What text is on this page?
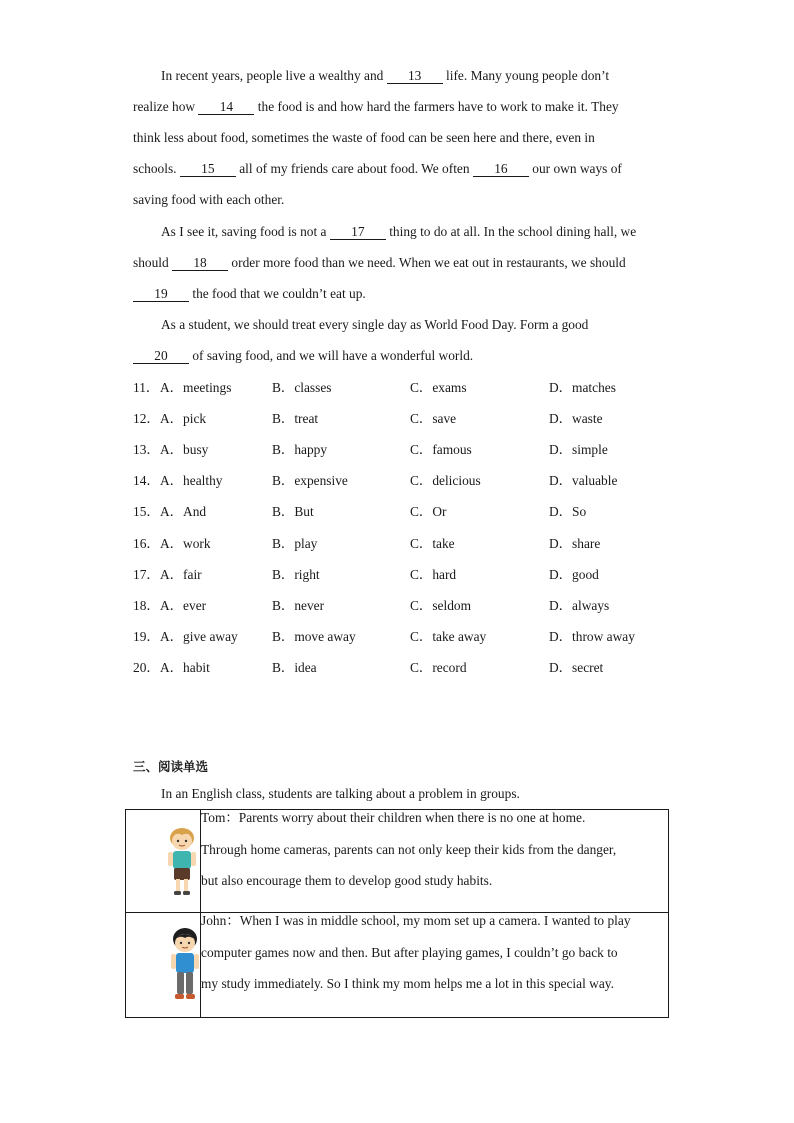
In recent years, people live a wealthy and 13 life. Many young people don’t
realize how 14 the food is and how hard the farmers have to work to make it. They
think less about food, sometimes the waste of food can be seen here and there, even in
schools. 15 all of my friends care about food. We often 16 our own ways of
saving food with each other.
As I see it, saving food is not a 17 thing to do at all. In the school dining hall, we
should 18 order more food than we need. When we eat out in restaurants, we should
19 the food that we couldn’t eat up.
As a student, we should treat every single day as World Food Day. Form a good
20 of saving food, and we will have a wonderful world.
11． A．meetings	B．classes	C．exams	D．matches
12． A．pick	B．treat	C．save	D．waste
13． A．busy	B．happy	C．famous	D．simple
14． A．healthy	B．expensive	C．delicious	D．valuable
15． A．And	B．But	C．Or	D．So
16． A．work	B．play	C．take	D．share
17． A．fair	B．right	C．hard	D．good
18． A．ever	B．never	C．seldom	D．always
19． A．give away	B．move away	C．take away	D．throw away
20． A．habit	B．idea	C．record	D．secret
三、阅读单选
In an English class, students are talking about a problem in groups.

Tom：Parents worry about their children when there is no one at home.
Through home cameras, parents can not only keep their kids from the danger,
but also encourage them to develop good study habits.

John：When I was in middle school, my mom set up a camera. I wanted to play
computer games now and then. But after playing games, I couldn’t go back to
my study immediately. So I think my mom helps me a lot in this special way.
